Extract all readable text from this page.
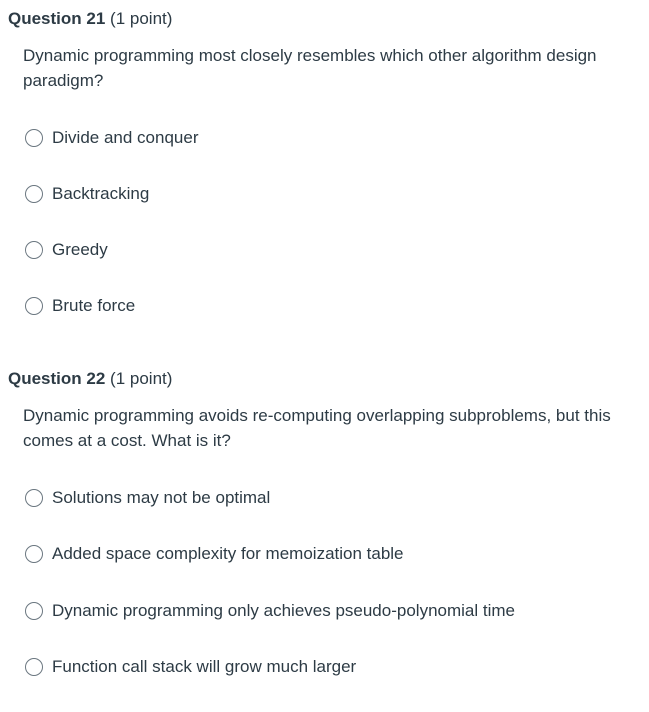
Question 21 (1 point)
Dynamic programming most closely resembles which other algorithm design paradigm?
Divide and conquer
Backtracking
Greedy
Brute force
Question 22 (1 point)
Dynamic programming avoids re-computing overlapping subproblems, but this comes at a cost. What is it?
Solutions may not be optimal
Added space complexity for memoization table
Dynamic programming only achieves pseudo-polynomial time
Function call stack will grow much larger
